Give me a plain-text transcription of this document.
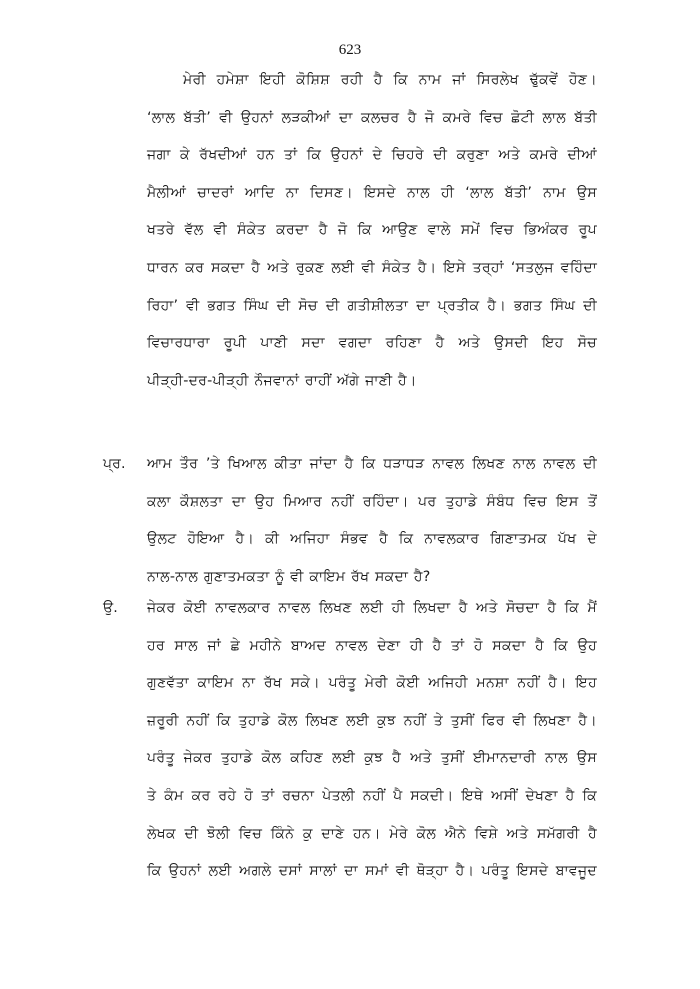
623
ਮੇਰੀ ਹਮੇਸ਼ਾ ਇਹੀ ਕੋਸ਼ਿਸ਼ ਰਹੀ ਹੈ ਕਿ ਨਾਮ ਜਾਂ ਸਿਰਲੇਖ ਢੁੱਕਵੇਂ ਹੋਣ।
‘ਲਾਲ ਬੱਤੀ’ ਵੀ ਉਹਨਾਂ ਲੜਕੀਆਂ ਦਾ ਕਲਚਰ ਹੈ ਜੋ ਕਮਰੇ ਵਿਚ ਛੋਟੀ ਲਾਲ ਬੱਤੀ
ਜਗਾ ਕੇ ਰੱਖਦੀਆਂ ਹਨ ਤਾਂ ਕਿ ਉਹਨਾਂ ਦੇ ਚਿਹਰੇ ਦੀ ਕਰੁਣਾ ਅਤੇ ਕਮਰੇ ਦੀਆਂ
ਮੈਲੀਆਂ ਚਾਦਰਾਂ ਆਦਿ ਨਾ ਦਿਸਣ। ਇਸਦੇ ਨਾਲ ਹੀ ‘ਲਾਲ ਬੱਤੀ’ ਨਾਮ ਉਸ
ਖਤਰੇ ਵੱਲ ਵੀ ਸੰਕੇਤ ਕਰਦਾ ਹੈ ਜੋ ਕਿ ਆਉਣ ਵਾਲੇ ਸਮੇਂ ਵਿਚ ਭਿਅੰਕਰ ਰੂਪ
ਧਾਰਨ ਕਰ ਸਕਦਾ ਹੈ ਅਤੇ ਰੁਕਣ ਲਈ ਵੀ ਸੰਕੇਤ ਹੈ। ਇਸੇ ਤਰ੍ਹਾਂ ‘ਸਤਲੁਜ ਵਹਿੰਦਾ
ਰਿਹਾ’ ਵੀ ਭਗਤ ਸਿੰਘ ਦੀ ਸੋਚ ਦੀ ਗਤੀਸ਼ੀਲਤਾ ਦਾ ਪ੍ਰਤੀਕ ਹੈ। ਭਗਤ ਸਿੰਘ ਦੀ
ਵਿਚਾਰਧਾਰਾ ਰੂਪੀ ਪਾਣੀ ਸਦਾ ਵਗਦਾ ਰਹਿਣਾ ਹੈ ਅਤੇ ਉਸਦੀ ਇਹ ਸੋਚ
ਪੀੜ੍ਹੀ-ਦਰ-ਪੀੜ੍ਹੀ ਨੌਜਵਾਨਾਂ ਰਾਹੀਂ ਅੱਗੇ ਜਾਣੀ ਹੈ।
ਪ੍ਰ. ਆਮ ਤੌਰ ’ਤੇ ਖਿਆਲ ਕੀਤਾ ਜਾਂਦਾ ਹੈ ਕਿ ਧੜਾਧੜ ਨਾਵਲ ਲਿਖਣ ਨਾਲ ਨਾਵਲ ਦੀ
ਕਲਾ ਕੌਸ਼ਲਤਾ ਦਾ ਉਹ ਮਿਆਰ ਨਹੀਂ ਰਹਿੰਦਾ। ਪਰ ਤੁਹਾਡੇ ਸੰਬੰਧ ਵਿਚ ਇਸ ਤੋਂ
ਉਲਟ ਹੋਇਆ ਹੈ। ਕੀ ਅਜਿਹਾ ਸੰਭਵ ਹੈ ਕਿ ਨਾਵਲਕਾਰ ਗਿਣਾਤਮਕ ਪੱਖ ਦੇ
ਨਾਲ-ਨਾਲ ਗੁਣਾਤਮਕਤਾ ਨੂੰ ਵੀ ਕਾਇਮ ਰੱਖ ਸਕਦਾ ਹੈ?
ਉ. ਜੇਕਰ ਕੋਈ ਨਾਵਲਕਾਰ ਨਾਵਲ ਲਿਖਣ ਲਈ ਹੀ ਲਿਖਦਾ ਹੈ ਅਤੇ ਸੋਚਦਾ ਹੈ ਕਿ ਮੈਂ
ਹਰ ਸਾਲ ਜਾਂ ਛੇ ਮਹੀਨੇ ਬਾਅਦ ਨਾਵਲ ਦੇਣਾ ਹੀ ਹੈ ਤਾਂ ਹੋ ਸਕਦਾ ਹੈ ਕਿ ਉਹ
ਗੁਣਵੱਤਾ ਕਾਇਮ ਨਾ ਰੱਖ ਸਕੇ। ਪਰੰਤੂ ਮੇਰੀ ਕੋਈ ਅਜਿਹੀ ਮਨਸ਼ਾ ਨਹੀਂ ਹੈ। ਇਹ
ਜ਼ਰੂਰੀ ਨਹੀਂ ਕਿ ਤੁਹਾਡੇ ਕੋਲ ਲਿਖਣ ਲਈ ਕੁਝ ਨਹੀਂ ਤੇ ਤੁਸੀਂ ਫਿਰ ਵੀ ਲਿਖਣਾ ਹੈ।
ਪਰੰਤੂ ਜੇਕਰ ਤੁਹਾਡੇ ਕੋਲ ਕਹਿਣ ਲਈ ਕੁਝ ਹੈ ਅਤੇ ਤੁਸੀਂ ਈਮਾਨਦਾਰੀ ਨਾਲ ਉਸ
ਤੇ ਕੰਮ ਕਰ ਰਹੇ ਹੋ ਤਾਂ ਰਚਨਾ ਪੇਤਲੀ ਨਹੀਂ ਪੈ ਸਕਦੀ। ਇਥੇ ਅਸੀਂ ਦੇਖਣਾ ਹੈ ਕਿ
ਲੇਖਕ ਦੀ ਝੋਲੀ ਵਿਚ ਕਿੰਨੇ ਕੁ ਦਾਣੇ ਹਨ। ਮੇਰੇ ਕੋਲ ਐਨੇ ਵਿਸ਼ੇ ਅਤੇ ਸਮੱਗਰੀ ਹੈ
ਕਿ ਉਹਨਾਂ ਲਈ ਅਗਲੇ ਦਸਾਂ ਸਾਲਾਂ ਦਾ ਸਮਾਂ ਵੀ ਥੋੜ੍ਹਾ ਹੈ। ਪਰੰਤੂ ਇਸਦੇ ਬਾਵਜੂਦ
